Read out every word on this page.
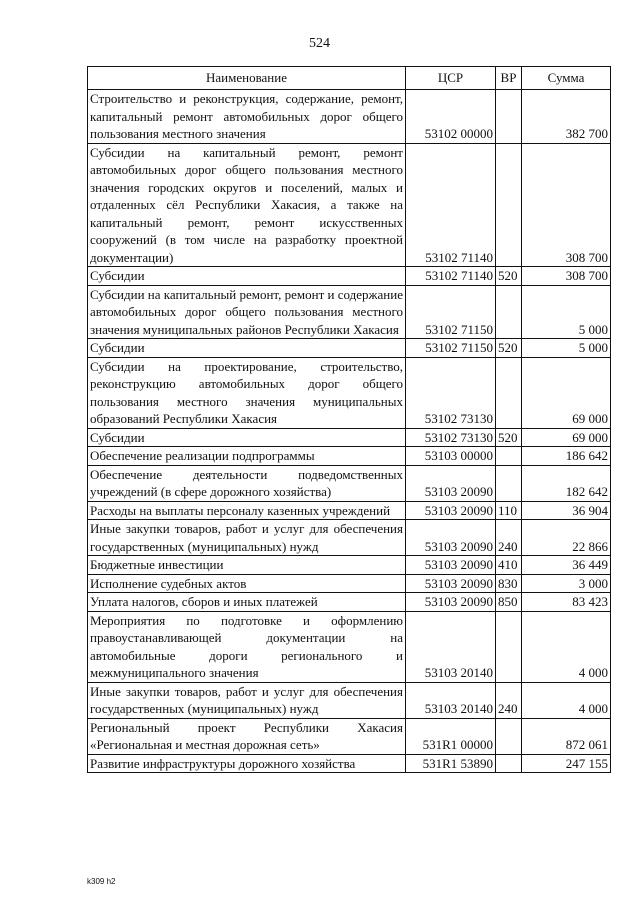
524
Наименование	ЦСР	ВР	Сумма
Строительство и реконструкция, содержание, ремонт, капитальный ремонт автомобильных дорог общего пользования местного значения	53102 00000		382 700
Субсидии на капитальный ремонт, ремонт автомобильных дорог общего пользования местного значения городских округов и поселений, малых и отдаленных сёл Республики Хакасия, а также на капитальный ремонт, ремонт искусственных сооружений (в том числе на разработку проектной документации)	53102 71140		308 700
Субсидии	53102 71140	520	308 700
Субсидии на капитальный ремонт, ремонт и содержание автомобильных дорог общего пользования местного значения муниципальных районов Республики Хакасия	53102 71150		5 000
Субсидии	53102 71150	520	5 000
Субсидии на проектирование, строительство, реконструкцию автомобильных дорог общего пользования местного значения муниципальных образований Республики Хакасия	53102 73130		69 000
Субсидии	53102 73130	520	69 000
Обеспечение реализации подпрограммы	53103 00000		186 642
Обеспечение деятельности подведомственных учреждений (в сфере дорожного хозяйства)	53103 20090		182 642
Расходы на выплаты персоналу казенных учреждений	53103 20090	110	36 904
Иные закупки товаров, работ и услуг для обеспечения государственных (муниципальных) нужд	53103 20090	240	22 866
Бюджетные инвестиции	53103 20090	410	36 449
Исполнение судебных актов	53103 20090	830	3 000
Уплата налогов, сборов и иных платежей	53103 20090	850	83 423
Мероприятия по подготовке и оформлению правоустанавливающей документации на автомобильные дороги регионального и межмуниципального значения	53103 20140		4 000
Иные закупки товаров, работ и услуг для обеспечения государственных (муниципальных) нужд	53103 20140	240	4 000
Региональный проект Республики Хакасия «Региональная и местная дорожная сеть»	531R1 00000		872 061
Развитие инфраструктуры дорожного хозяйства	531R1 53890		247 155
k309 h2
